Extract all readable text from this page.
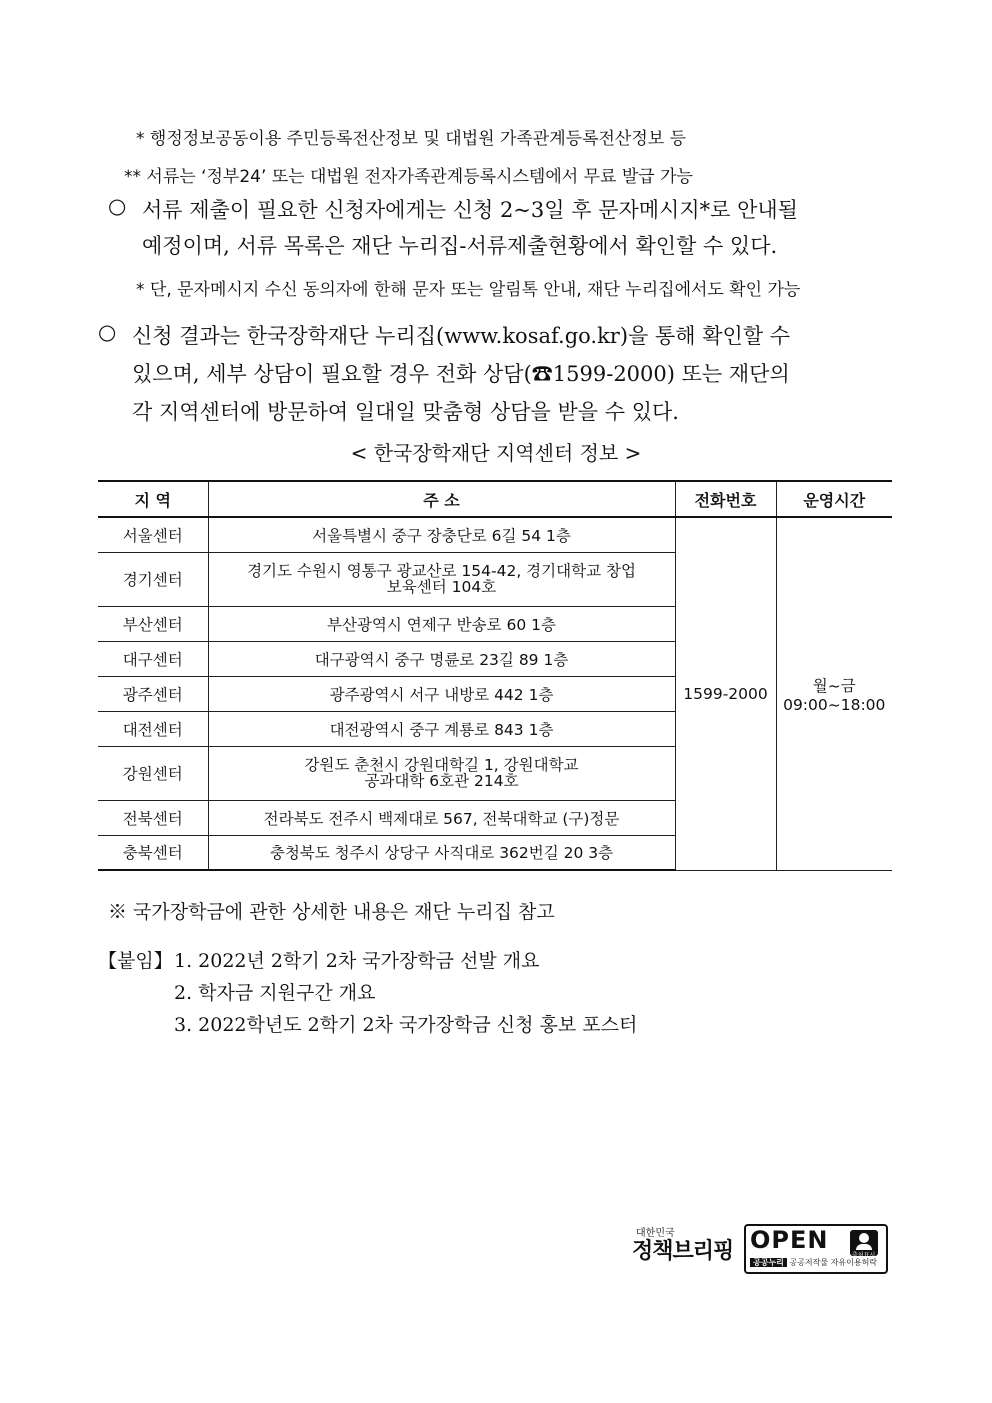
* 행정정보공동이용 주민등록전산정보 및 대법원 가족관계등록전산정보 등
** 서류는 ‘정부24’ 또는 대법원 전자가족관계등록시스템에서 무료 발급 가능
○ 서류 제출이 필요한 신청자에게는 신청 2~3일 후 문자메시지*로 안내될
예정이며, 서류 목록은 재단 누리집-서류제출현황에서 확인할 수 있다.
* 단, 문자메시지 수신 동의자에 한해 문자 또는 알림톡 안내, 재단 누리집에서도 확인 가능
○ 신청 결과는 한국장학재단 누리집(www.kosaf.go.kr)을 통해 확인할 수
있으며, 세부 상담이 필요할 경우 전화 상담(☎1599-2000) 또는 재단의
각 지역센터에 방문하여 일대일 맞춤형 상담을 받을 수 있다.
< 한국장학재단 지역센터 정보 >
지 역	주 소	전화번호	운영시간
서울센터	서울특별시 중구 장충단로 6길 54 1층	1599-2000	월~금
09:00~18:00

경기센터	경기도 수원시 영통구 광교산로 154-42, 경기대학교 창업보육센터 104호		

부산센터	부산광역시 연제구 반송로 60 1층		
대구센터	대구광역시 중구 명륜로 23길 89 1층		
광주센터	광주광역시 서구 내방로 442 1층		
대전센터	대전광역시 중구 계룡로 843 1층		
강원센터	강원도 춘천시 강원대학길 1, 강원대학교 공과대학 6호관 214호		

전북센터	전라북도 전주시 백제대로 567, 전북대학교 (구)정문		
충북센터	충청북도 청주시 상당구 사직대로 362번길 20 3층		
※ 국가장학금에 관한 상세한 내용은 재단 누리집 참고
【붙임】 1. 2022년 2학기 2차 국가장학금 선발 개요
2. 학자금 지원구간 개요
3. 2022학년도 2학기 2차 국가장학금 신청 홍보 포스터
대한민국
정책브리핑 OPEN
출처표시
공공누리 공공저작물 자유이용허락
